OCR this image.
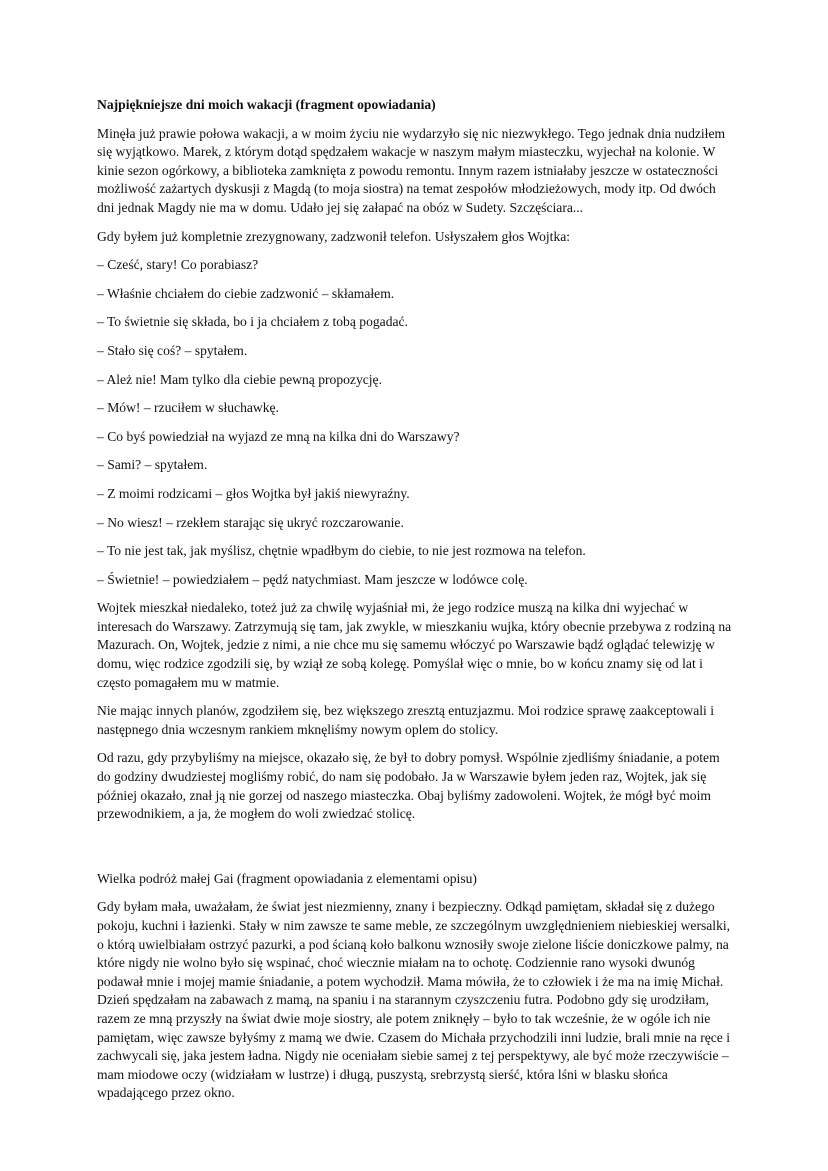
Najpiękniejsze dni moich wakacji (fragment opowiadania)

Minęła już prawie połowa wakacji, a w moim życiu nie wydarzyło się nic niezwykłego. Tego jednak dnia nudziłem się wyjątkowo. Marek, z którym dotąd spędzałem wakacje w naszym małym miasteczku, wyjechał na kolonie. W kinie sezon ogórkowy, a biblioteka zamknięta z powodu remontu. Innym razem istniałaby jeszcze w ostateczności możliwość zażartych dyskusji z Magdą (to moja siostra) na temat zespołów młodzieżowych, mody itp. Od dwóch dni jednak Magdy nie ma w domu. Udało jej się załapać na obóz w Sudety. Szczęściara...

Gdy byłem już kompletnie zrezygnowany, zadzwonił telefon. Usłyszałem głos Wojtka:

– Cześć, stary! Co porabiasz?

– Właśnie chciałem do ciebie zadzwonić – skłamałem.

– To świetnie się składa, bo i ja chciałem z tobą pogadać.

– Stało się coś? – spytałem.

– Ależ nie! Mam tylko dla ciebie pewną propozycję.

– Mów! – rzuciłem w słuchawkę.

– Co byś powiedział na wyjazd ze mną na kilka dni do Warszawy?

– Sami? – spytałem.

– Z moimi rodzicami – głos Wojtka był jakiś niewyraźny.

– No wiesz! – rzekłem starając się ukryć rozczarowanie.

– To nie jest tak, jak myślisz, chętnie wpadłbym do ciebie, to nie jest rozmowa na telefon.

– Świetnie! – powiedziałem – pędź natychmiast. Mam jeszcze w lodówce colę.

Wojtek mieszkał niedaleko, toteż już za chwilę wyjaśniał mi, że jego rodzice muszą na kilka dni wyjechać w interesach do Warszawy. Zatrzymują się tam, jak zwykle, w mieszkaniu wujka, który obecnie przebywa z rodziną na Mazurach. On, Wojtek, jedzie z nimi, a nie chce mu się samemu włóczyć po Warszawie bądź oglądać telewizję w domu, więc rodzice zgodzili się, by wziął ze sobą kolegę. Pomyślał więc o mnie, bo w końcu znamy się od lat i często pomagałem mu w matmie.

Nie mając innych planów, zgodziłem się, bez większego zresztą entuzjazmu. Moi rodzice sprawę zaakceptowali i następnego dnia wczesnym rankiem mknęliśmy nowym oplem do stolicy.

Od razu, gdy przybyliśmy na miejsce, okazało się, że był to dobry pomysł. Wspólnie zjedliśmy śniadanie, a potem do godziny dwudziestej mogliśmy robić, do nam się podobało. Ja w Warszawie byłem jeden raz, Wojtek, jak się później okazało, znał ją nie gorzej od naszego miasteczka. Obaj byliśmy zadowoleni. Wojtek, że mógł być moim przewodnikiem, a ja, że mogłem do woli zwiedzać stolicę.

Wielka podróż małej Gai (fragment opowiadania z elementami opisu)

Gdy byłam mała, uważałam, że świat jest niezmienny, znany i bezpieczny. Odkąd pamiętam, składał się z dużego pokoju, kuchni i łazienki. Stały w nim zawsze te same meble, ze szczególnym uwzględnieniem niebieskiej wersalki, o którą uwielbiałam ostrzyć pazurki, a pod ścianą koło balkonu wznosiły swoje zielone liście doniczkowe palmy, na które nigdy nie wolno było się wspinać, choć wiecznie miałam na to ochotę. Codziennie rano wysoki dwunóg podawał mnie i mojej mamie śniadanie, a potem wychodził. Mama mówiła, że to człowiek i że ma na imię Michał. Dzień spędzałam na zabawach z mamą, na spaniu i na starannym czyszczeniu futra. Podobno gdy się urodziłam, razem ze mną przyszły na świat dwie moje siostry, ale potem zniknęły – było to tak wcześnie, że w ogóle ich nie pamiętam, więc zawsze byłyśmy z mamą we dwie. Czasem do Michała przychodzili inni ludzie, brali mnie na ręce i zachwycali się, jaka jestem ładna. Nigdy nie oceniałam siebie samej z tej perspektywy, ale być może rzeczywiście – mam miodowe oczy (widziałam w lustrze) i długą, puszystą, srebrzystą sierść, która lśni w blasku słońca wpadającego przez okno.
